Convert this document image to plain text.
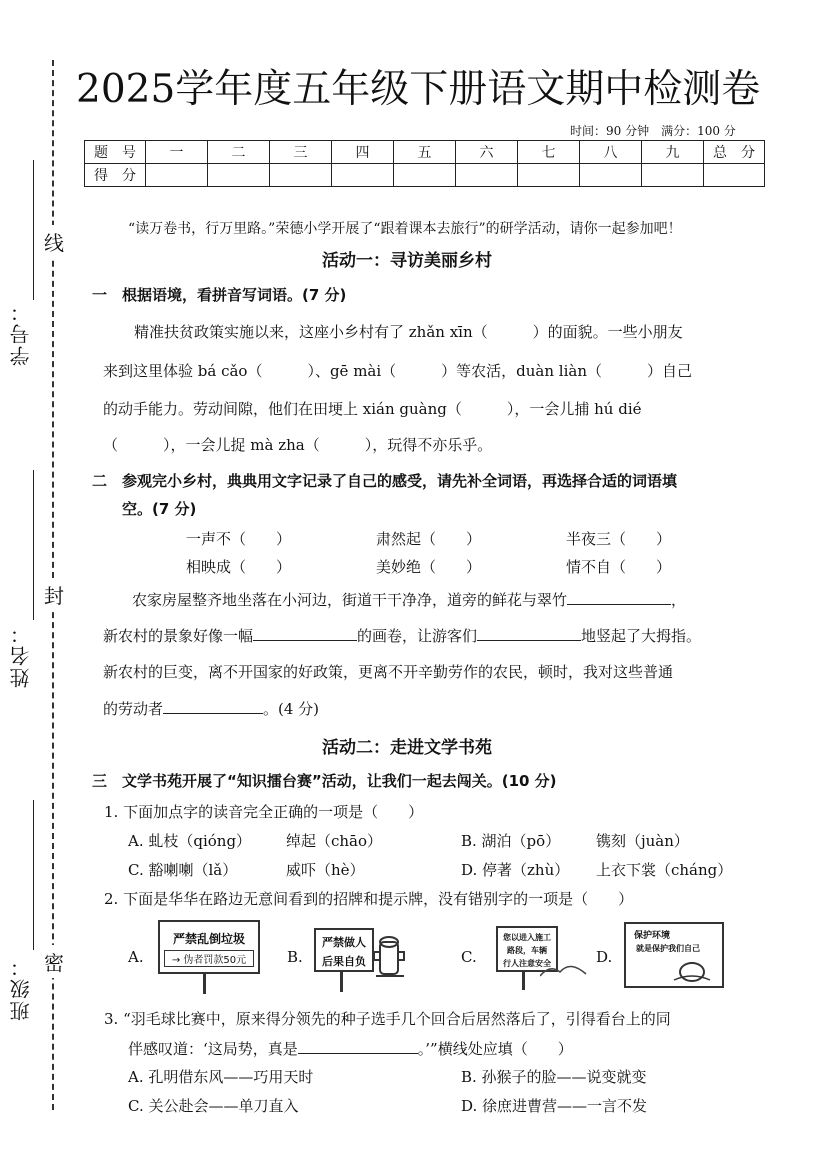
学号：
姓名：
班级：
线
封
密
2025学年度五年级下册语文期中检测卷
时间：90 分钟　满分：100 分
题　号	一	二	三	四	五	六	七	八	九	总　分
得　分										
“读万卷书，行万里路。”荣德小学开展了“跟着课本去旅行”的研学活动，请你一起参加吧！
活动一：寻访美丽乡村
一 根据语境，看拼音写词语。(7 分)
精准扶贫政策实施以来，这座小乡村有了 zhǎn xīn（　　　）的面貌。一些小朋友
来到这里体验 bá cǎo（　　　）、gē mài（　　　）等农活，duàn liàn（　　　）自己
的动手能力。劳动间隙，他们在田埂上 xián guàng（　　　），一会儿捕 hú dié
（　　　），一会儿捉 mà zha（　　　），玩得不亦乐乎。
二 参观完小乡村，典典用文字记录了自己的感受，请先补全词语，再选择合适的词语填
空。(7 分)
一声不（　　）	肃然起（　　）	半夜三（　　）
相映成（　　）	美妙绝（　　）	情不自（　　）
农家房屋整齐地坐落在小河边，街道干干净净，道旁的鲜花与翠竹	，
新农村的景象好像一幅	的画卷，让游客们	地竖起了大拇指。
新农村的巨变，离不开国家的好政策，更离不开辛勤劳作的农民，顿时，我对这些普通
的劳动者	。(4 分)
活动二：走进文学书苑
三 文学书苑开展了“知识擂台赛”活动，让我们一起去闯关。(10 分)
1. 下面加点字的读音完全正确的一项是（　　）
A. 虬枝（qióng） 绰起（chāo）	B. 湖泊（pō） 镌刻（juàn）
C. 豁喇喇（lǎ）	威吓（hè）	D. 停著（zhù） 上衣下裳（cháng）
2. 下面是华华在路边无意间看到的招牌和提示牌，没有错别字的一项是（　　）
A.
严禁乱倒垃圾
→ 伪者罚款50元	B.
严禁做人
后果自负	C.
您以进入施工
路段，车辆
行人注意安全	D.
保护环境
就是保护我们自己
3. “羽毛球比赛中，原来得分领先的种子选手几个回合后居然落后了，引得看台上的同
伴感叹道：‘这局势，真是	。’”横线处应填（　　）
A. 孔明借东风——巧用天时	B. 孙猴子的脸——说变就变
C. 关公赴会——单刀直入	D. 徐庶进曹营——一言不发
